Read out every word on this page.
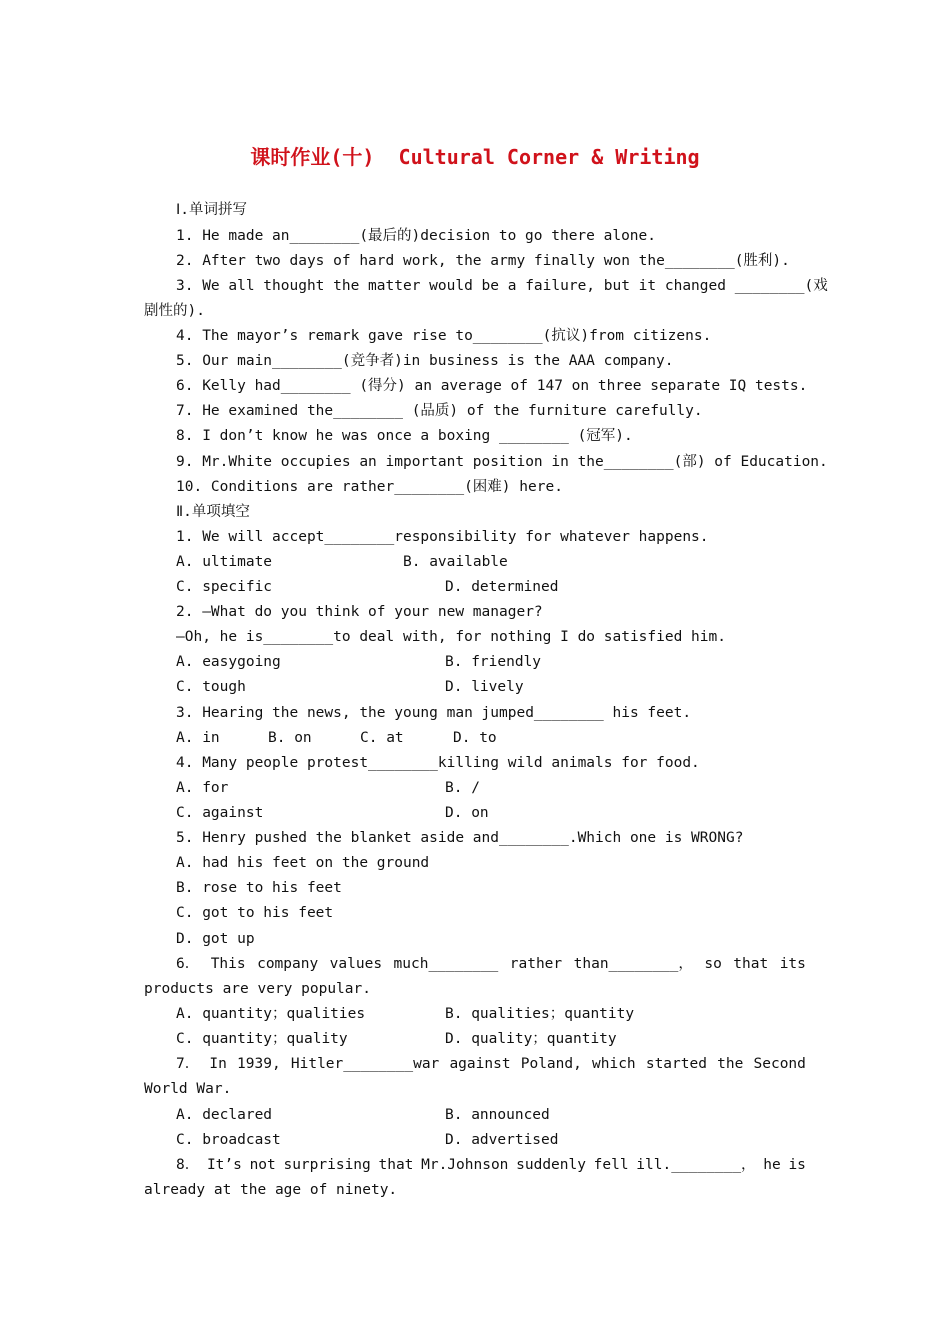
课时作业(十)  Cultural Corner & Writing
Ⅰ.单词拼写
1. He made an________(最后的)decision to go there alone.
2. After two days of hard work, the army finally won the________(胜利).
3. We all thought the matter would be a failure, but it changed ________(戏
剧性的).
4. The mayor’s remark gave rise to________(抗议)from citizens.
5. Our main________(竞争者)in business is the AAA company.
6. Kelly had________ (得分) an average of 147 on three separate IQ tests.
7. He examined the________ (品质) of the furniture carefully.
8. I don’t know he was once a boxing ________ (冠军).
9. Mr.White occupies an important position in the________(部) of Education.
10. Conditions are rather________(困难) here.
Ⅱ.单项填空
1. We will accept________responsibility for whatever happens.
A. ultimate	B. available
C. specific	D. determined
2. —What do you think of your new manager?
—Oh, he is________to deal with, for nothing I do satisfied him.
A. easygoing	B. friendly
C. tough	D. lively
3. Hearing the news, the young man jumped________ his feet.
A. in	B. on	C. at	D. to
4. Many people protest________killing wild animals for food.
A. for	B. /
C. against	D. on
5. Henry pushed the blanket aside and________.Which one is WRONG?
A. had his feet on the ground
B. rose to his feet
C. got to his feet
D. got up
6． This company values much________ rather than________， so that its
products are very popular.
A. quantity；qualities	B. qualities；quantity
C. quantity；quality	D. quality；quantity
7． In 1939, Hitler________war against Poland, which started the Second
World War.
A. declared	B. announced
C. broadcast	D. advertised
8． It’s not surprising that Mr.Johnson suddenly fell ill.________， he is
already at the age of ninety.
